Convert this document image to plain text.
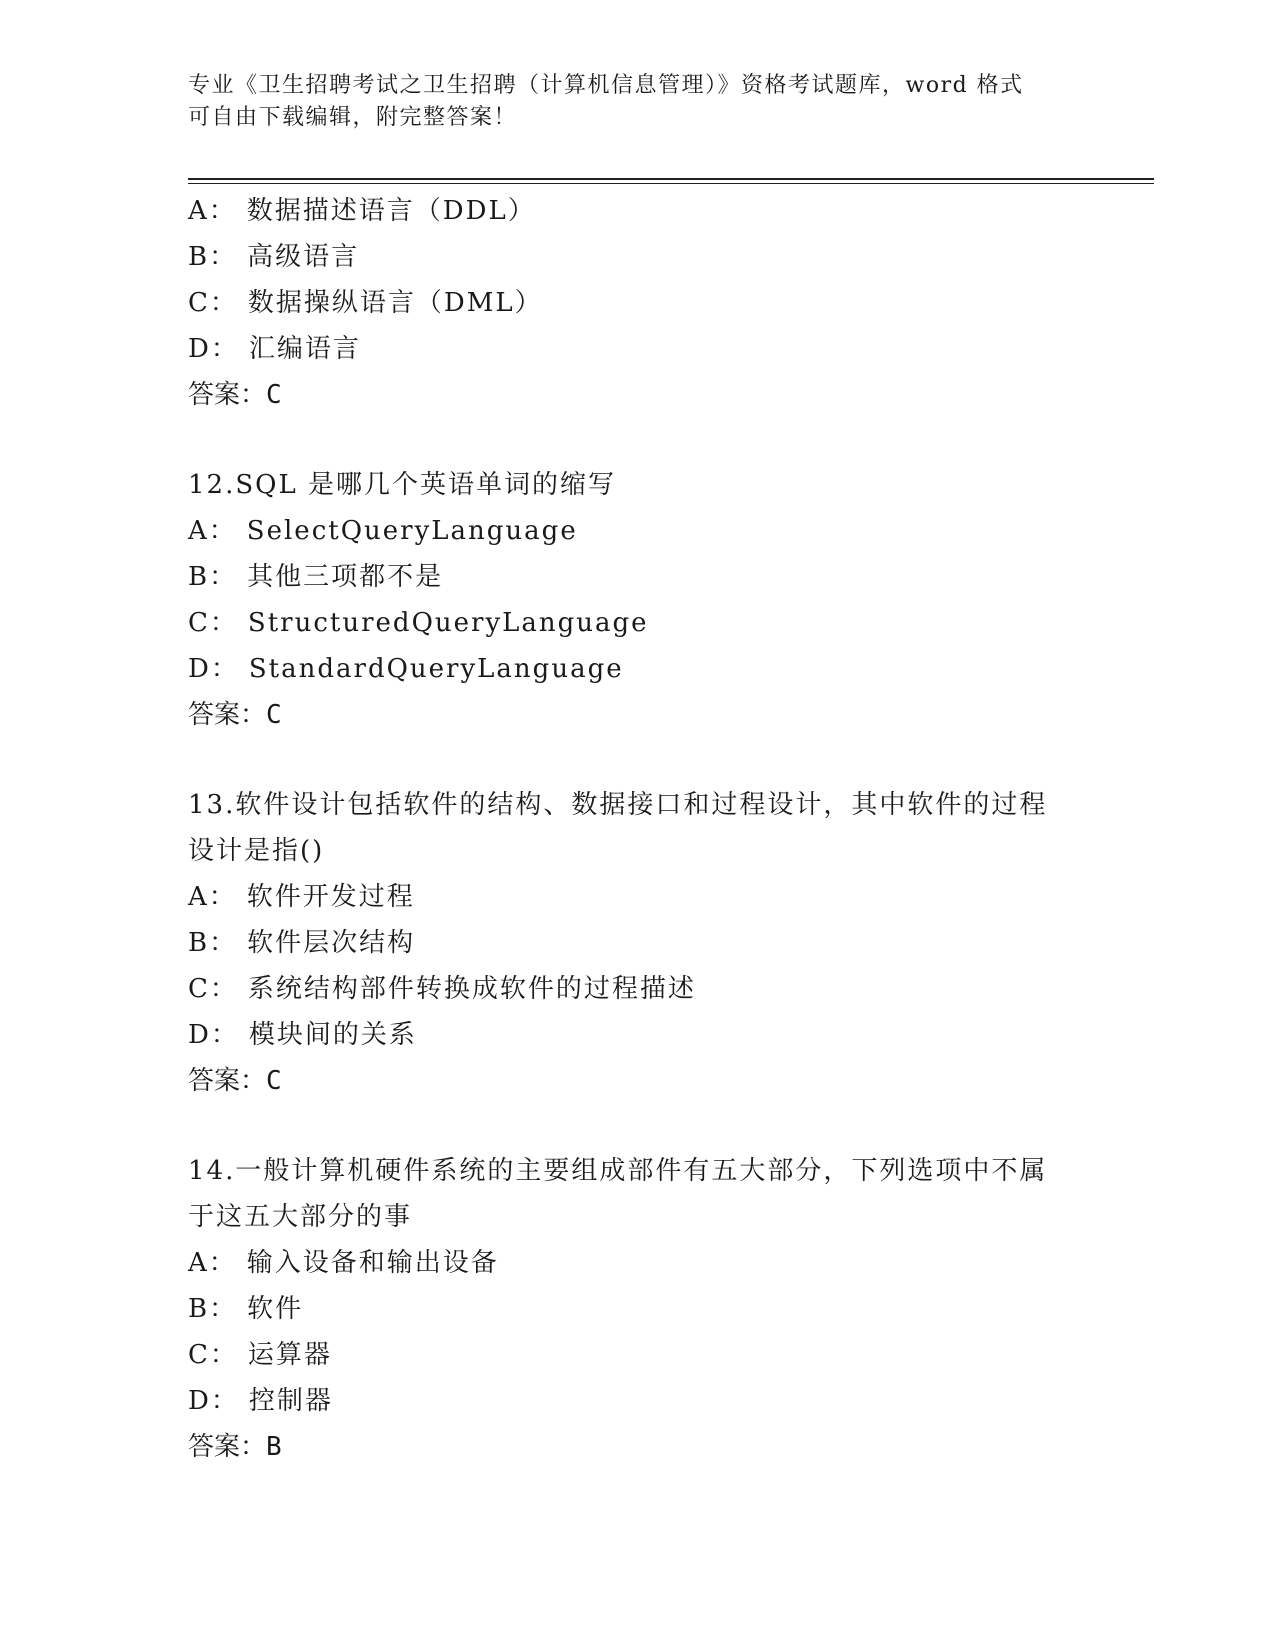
专业《卫生招聘考试之卫生招聘（计算机信息管理）》资格考试题库，word 格式
可自由下载编辑，附完整答案！
A： 数据描述语言（DDL）
B： 高级语言
C： 数据操纵语言（DML）
D： 汇编语言
答案：C
12.SQL 是哪几个英语单词的缩写
A： SelectQueryLanguage
B： 其他三项都不是
C： StructuredQueryLanguage
D： StandardQueryLanguage
答案：C
13.软件设计包括软件的结构、数据接口和过程设计，其中软件的过程
设计是指()
A： 软件开发过程
B： 软件层次结构
C： 系统结构部件转换成软件的过程描述
D： 模块间的关系
答案：C
14.一般计算机硬件系统的主要组成部件有五大部分，下列选项中不属
于这五大部分的事
A： 输入设备和输出设备
B： 软件
C： 运算器
D： 控制器
答案：B
